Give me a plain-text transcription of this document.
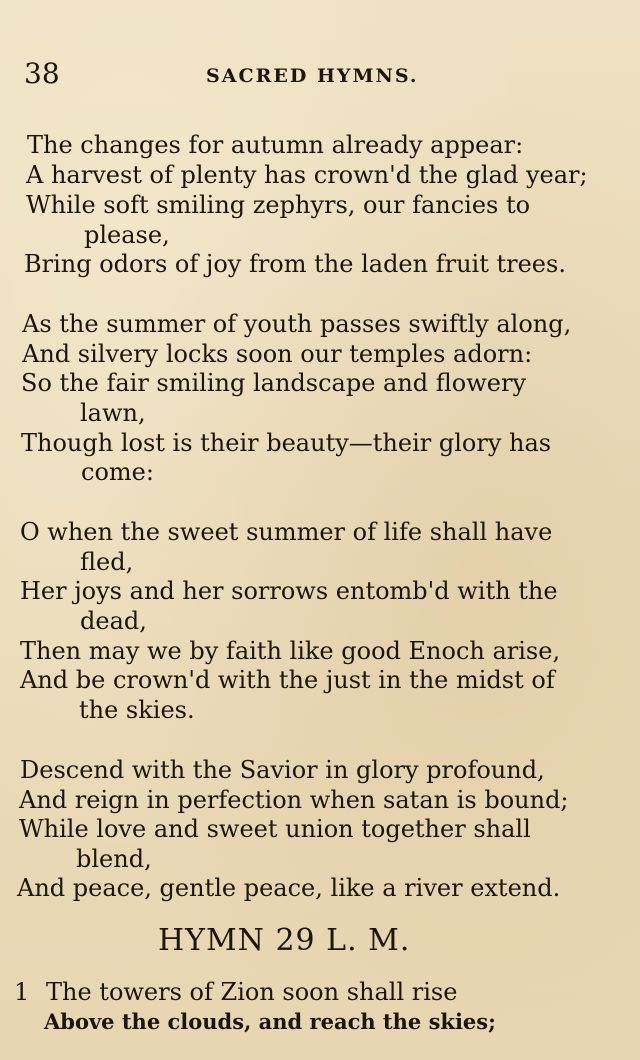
38	SACRED HYMNS.
The changes for autumn already appear:
A harvest of plenty has crown'd the glad year;
While soft smiling zephyrs, our fancies to
please,
Bring odors of joy from the laden fruit trees.
As the summer of youth passes swiftly along,
And silvery locks soon our temples adorn:
So the fair smiling landscape and flowery
lawn,
Though lost is their beauty—their glory has
come:
O when the sweet summer of life shall have
fled,
Her joys and her sorrows entomb'd with the
dead,
Then may we by faith like good Enoch arise,
And be crown'd with the just in the midst of
the skies.
Descend with the Savior in glory profound,
And reign in perfection when satan is bound;
While love and sweet union together shall
blend,
And peace, gentle peace, like a river extend.
HYMN 29 L. M.
1 The towers of Zion soon shall rise
Above the clouds, and reach the skies;
